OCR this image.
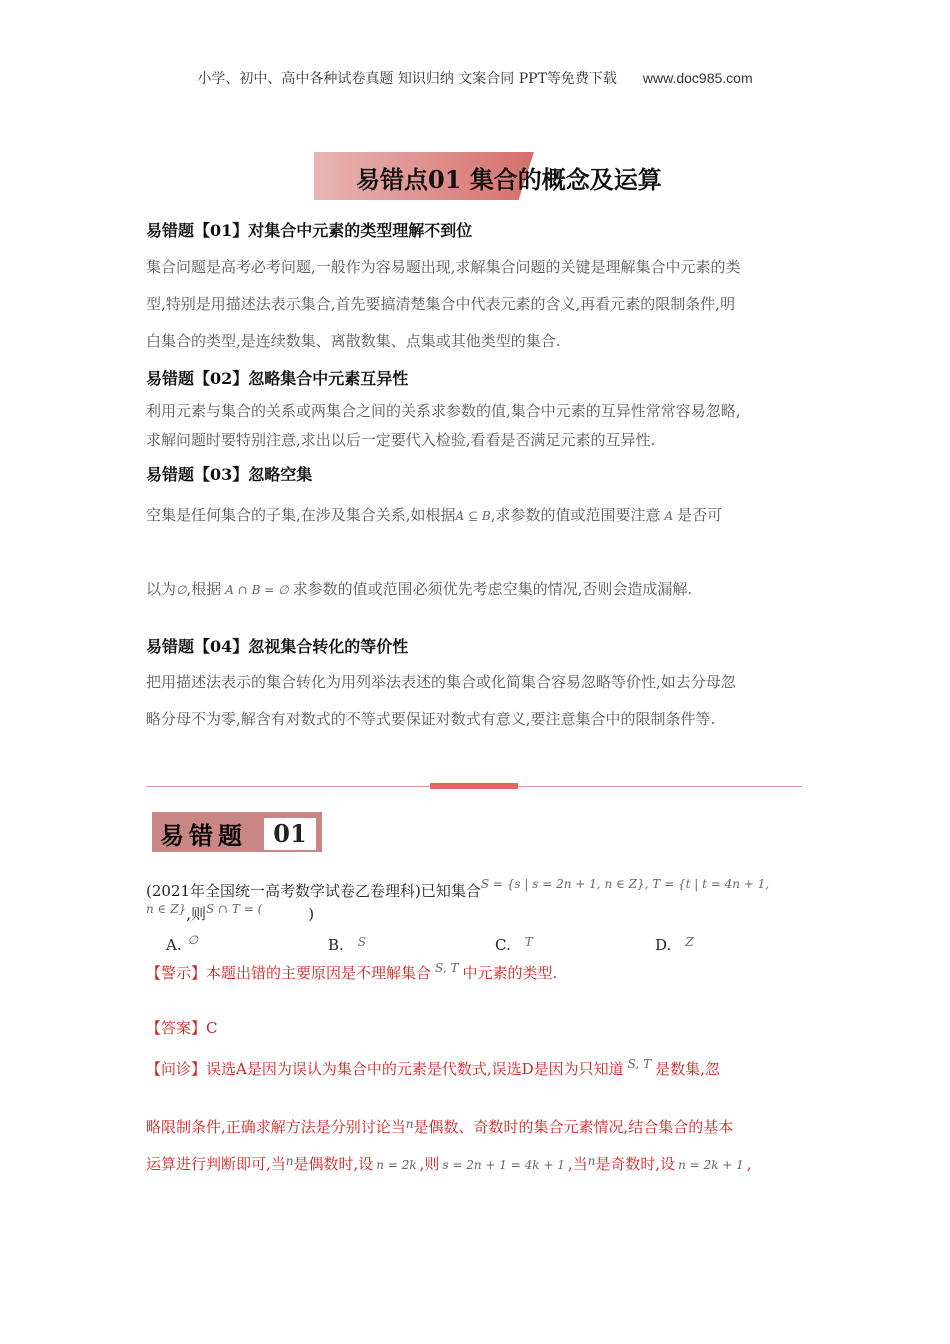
小学、初中、高中各种试卷真题 知识归纳 文案合同 PPT等免费下载 www.doc985.com
易错点01 集合的概念及运算
易错题【01】对集合中元素的类型理解不到位
集合问题是高考必考问题,一般作为容易题出现,求解集合问题的关键是理解集合中元素的类
型,特别是用描述法表示集合,首先要搞清楚集合中代表元素的含义,再看元素的限制条件,明
白集合的类型,是连续数集、离散数集、点集或其他类型的集合.
易错题【02】忽略集合中元素互异性
利用元素与集合的关系或两集合之间的关系求参数的值,集合中元素的互异性常常容易忽略,
求解问题时要特别注意,求出以后一定要代入检验,看看是否满足元素的互异性.
易错题【03】忽略空集
空集是任何集合的子集,在涉及集合关系,如根据A ⊆ B,求参数的值或范围要注意 A 是否可
以为∅,根据 A ∩ B = ∅ 求参数的值或范围必须优先考虑空集的情况,否则会造成漏解.
易错题【04】忽视集合转化的等价性
把用描述法表示的集合转化为用列举法表述的集合或化简集合容易忽略等价性,如去分母忽
略分母不为零,解含有对数式的不等式要保证对数式有意义,要注意集合中的限制条件等.
易错题	01
(2021年全国统一高考数学试卷乙卷理科)已知集合$^{S = \{s | s = 2n + 1,}$ $^{n \in Z\},}$ $^{T = \{t | t = 4n + 1,}$
$^{n \in Z\}}$,则$^{S \cap T = (}$	)
A. ∅	B. $^S$	C. $^T$	D. $^Z$
【警示】本题出错的主要原因是不理解集合 $^{S, T}$ 中元素的类型.
【答案】C
【问诊】误选A是因为误认为集合中的元素是代数式,误选D是因为只知道 $^{S, T}$ 是数集,忽
略限制条件,正确求解方法是分别讨论当$^n$是偶数、奇数时的集合元素情况,结合集合的基本
运算进行判断即可,当$^n$是偶数时,设 n = 2k ,则 s = 2n + 1 = 4k + 1 ,当$^n$是奇数时,设 n = 2k + 1 ,
